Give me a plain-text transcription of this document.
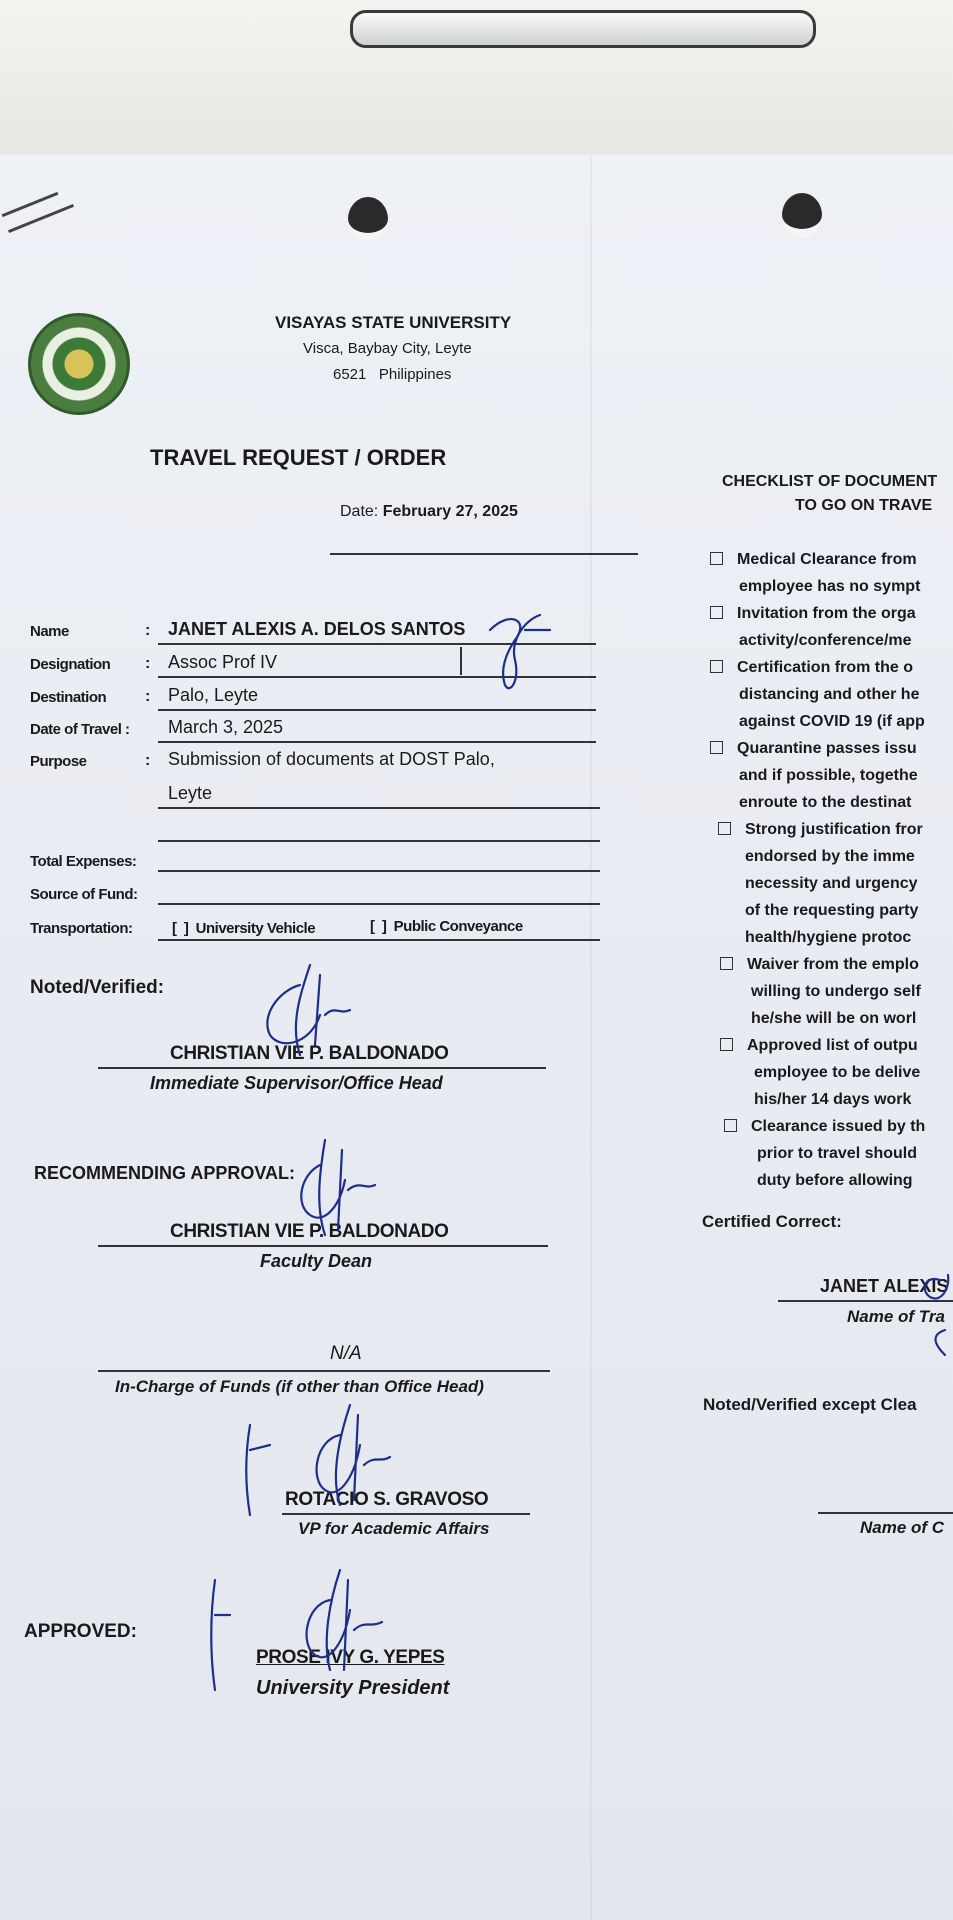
VISAYAS STATE UNIVERSITY
Visca, Baybay City, Leyte
6521   Philippines
TRAVEL REQUEST / ORDER
Date: February 27, 2025
Name	: JANET ALEXIS A. DELOS SANTOS
Designation : Assoc Prof IV
Destination : Palo, Leyte
Date of Travel : March 3, 2025
Purpose	: Submission of documents at DOST Palo,
Leyte
Total Expenses:
Source of Fund:
Transportation:	[  ]  University Vehicle	[  ]  Public Conveyance
Noted/Verified:
CHRISTIAN VIE P. BALDONADO
Immediate Supervisor/Office Head
RECOMMENDING APPROVAL:
CHRISTIAN VIE P. BALDONADO
Faculty Dean
N/A
In-Charge of Funds (if other than Office Head)
ROTACIO S. GRAVOSO
VP for Academic Affairs
APPROVED:
PROSE IVY G. YEPES
University President
CHECKLIST OF DOCUMENT
TO GO ON TRAVE
Medical Clearance from
employee has no sympt
Invitation from the orga
activity/conference/me
Certification from the o
distancing and other he
against COVID 19 (if app
Quarantine passes issu
and if possible, togethe
enroute to the destinat
Strong justification fror
endorsed by the imme
necessity and urgency
of the requesting party
health/hygiene protoc
Waiver from the emplo
willing to undergo self
he/she will be on worl
Approved list of outpu
employee to be delive
his/her 14 days work
Clearance issued by th
prior to travel should
duty before allowing
Certified Correct:
JANET ALEXIS
Name of Tra
Noted/Verified except Clea
Name of C
